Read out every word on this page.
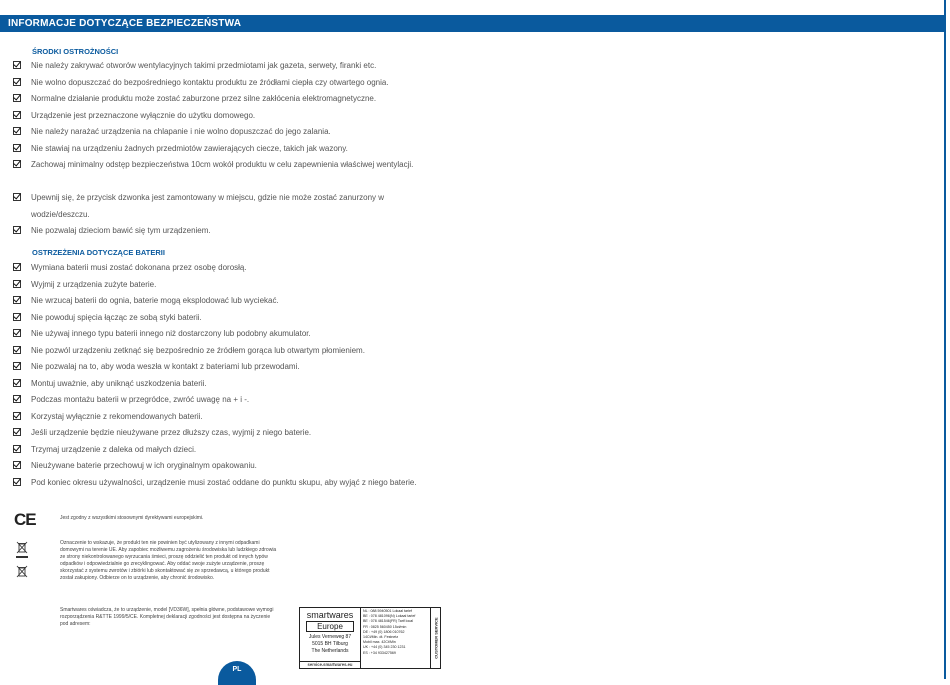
INFORMACJE DOTYCZĄCE BEZPIECZEŃSTWA
ŚRODKI OSTROŻNOŚCI
Nie należy zakrywać otworów wentylacyjnych takimi przedmiotami jak gazeta, serwety, firanki etc.
Nie wolno dopuszczać do bezpośredniego kontaktu produktu ze źródłami ciepła czy otwartego ognia.
Normalne działanie produktu może zostać zaburzone przez silne zakłócenia elektromagnetyczne.
Urządzenie jest przeznaczone wyłącznie do użytku domowego.
Nie należy narażać urządzenia na chlapanie i nie wolno dopuszczać do jego zalania.
Nie stawiaj na urządzeniu żadnych przedmiotów zawierających ciecze, takich jak wazony.
Zachowaj minimalny odstęp bezpieczeństwa 10cm wokół produktu w celu zapewnienia właściwej wentylacji.
Upewnij się, że przycisk dzwonka jest zamontowany w miejscu, gdzie nie może zostać zanurzony w wodzie/deszczu.
Nie pozwalaj dzieciom bawić się tym urządzeniem.
OSTRZEŻENIA DOTYCZĄCE BATERII
Wymiana baterii musi zostać dokonana przez osobę dorosłą.
Wyjmij z urządzenia zużyte baterie.
Nie wrzucaj baterii do ognia, baterie mogą eksplodować lub wyciekać.
Nie powoduj spięcia łącząc ze sobą styki baterii.
Nie używaj innego typu baterii innego niż dostarczony lub podobny akumulator.
Nie pozwól urządzeniu zetknąć się bezpośrednio ze źródłem gorąca lub otwartym płomieniem.
Nie pozwalaj na to, aby woda weszła w kontakt z bateriami lub przewodami.
Montuj uważnie, aby uniknąć uszkodzenia baterii.
Podczas montażu baterii w przegródce, zwróć uwagę na + i -.
Korzystaj wyłącznie z rekomendowanych baterii.
Jeśli urządzenie będzie nieużywane przez dłuższy czas, wyjmij z niego baterie.
Trzymaj urządzenie z daleka od małych dzieci.
Nieużywane baterie przechowuj w ich oryginalnym opakowaniu.
Pod koniec okresu używalności, urządzenie musi zostać oddane do punktu skupu, aby wyjąć z niego baterie.
CE	Jest zgodny z wszystkimi stosownymi dyrektywami europejskimi.
Oznaczenie to wskazuje, że produkt ten nie powinien być utylizowany z innymi odpadkami domowymi na terenie UE. Aby zapobiec możliwemu zagrożeniu środowiska lub ludzkiego zdrowia ze strony niekontrolowanego wyrzucania śmieci, proszę oddzielić ten produkt od innych typów odpadków i odpowiedzialnie go zrecyklingować. Aby oddać swoje zużyte urządzenie, proszę skorzystać z systemu zwrotów i zbiórki lub skontaktować się ze sprzedawcą, u którego produkt został zakupiony. Odbierze on to urządzenie, aby chronić środowisko.
Smartwares oświadcza, że to urządzenie, model [VD36W], spełnia główne, podstawowe wymogi rozporządzenia R&TTE 1999/5/CE. Kompletnej deklaracji zgodności jest dostępna na życzenie pod adresem:
smartwares
Europe
Jules Verneweg 87
5015 BH Tilburg
The Netherlands
service.smartwares.eu
NL : 088 5940501 Lokaal tarief
BE : 078 481096(N) Lokaal tarief
BE : 078 481546(FR) Tarif local
FR : 0825 560450 15ct/min
DE : +49 (0) 1806 010762
14Ct/Min. dt. Festnetz
Mobil max. 42Ct/Min
UK : +44 (0) 345 230 1231
ES : +34 933427569	CUSTOMER SERVICE
PL
